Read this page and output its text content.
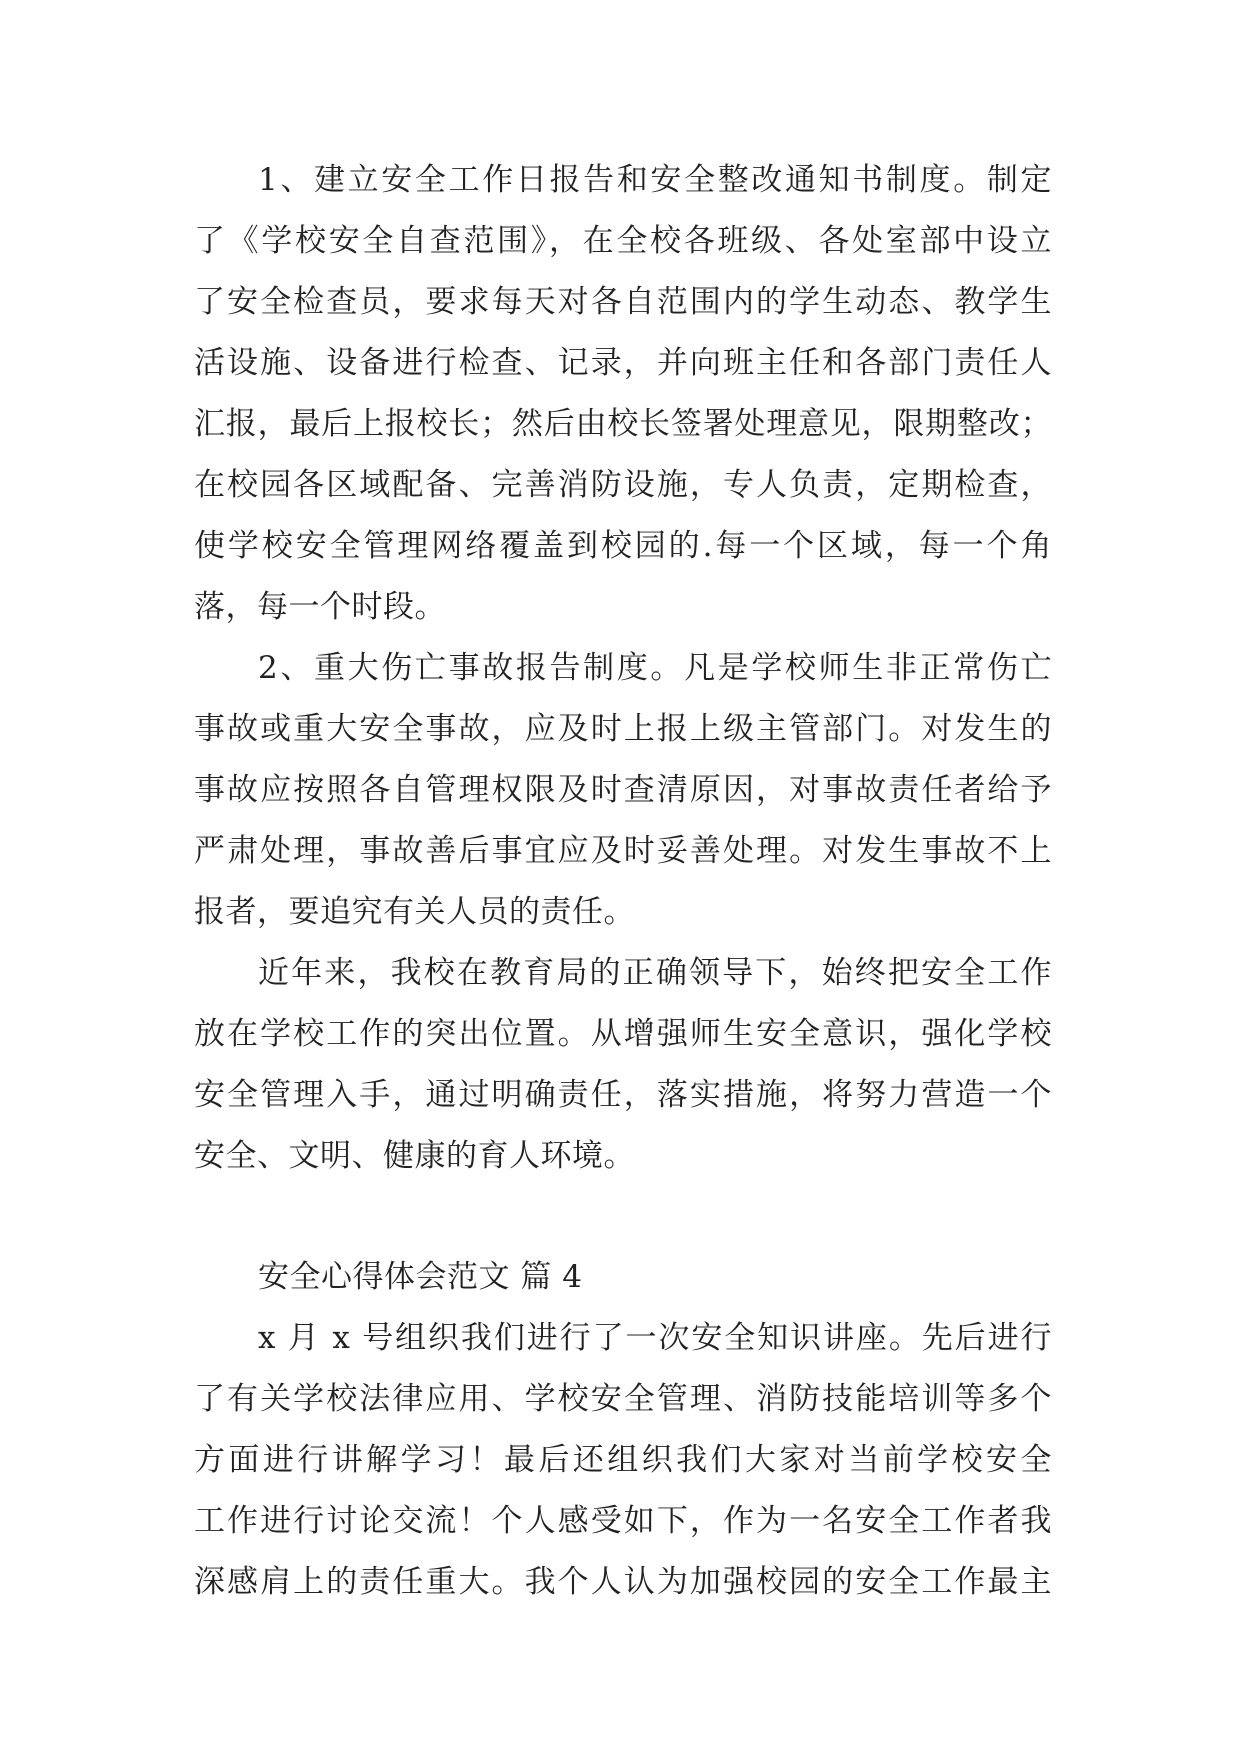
1、建立安全工作日报告和安全整改通知书制度。制定
了《学校安全自查范围》，在全校各班级、各处室部中设立
了安全检查员，要求每天对各自范围内的学生动态、教学生
活设施、设备进行检查、记录，并向班主任和各部门责任人
汇报，最后上报校长；然后由校长签署处理意见，限期整改；
在校园各区域配备、完善消防设施，专人负责，定期检查，
使学校安全管理网络覆盖到校园的.每一个区域，每一个角
落，每一个时段。
2、重大伤亡事故报告制度。凡是学校师生非正常伤亡
事故或重大安全事故，应及时上报上级主管部门。对发生的
事故应按照各自管理权限及时查清原因，对事故责任者给予
严肃处理，事故善后事宜应及时妥善处理。对发生事故不上
报者，要追究有关人员的责任。
近年来，我校在教育局的正确领导下，始终把安全工作
放在学校工作的突出位置。从增强师生安全意识，强化学校
安全管理入手，通过明确责任，落实措施，将努力营造一个
安全、文明、健康的育人环境。
安全心得体会范文 篇 4
x 月 x 号组织我们进行了一次安全知识讲座。先后进行
了有关学校法律应用、学校安全管理、消防技能培训等多个
方面进行讲解学习！最后还组织我们大家对当前学校安全
工作进行讨论交流！个人感受如下，作为一名安全工作者我
深感肩上的责任重大。我个人认为加强校园的安全工作最主
